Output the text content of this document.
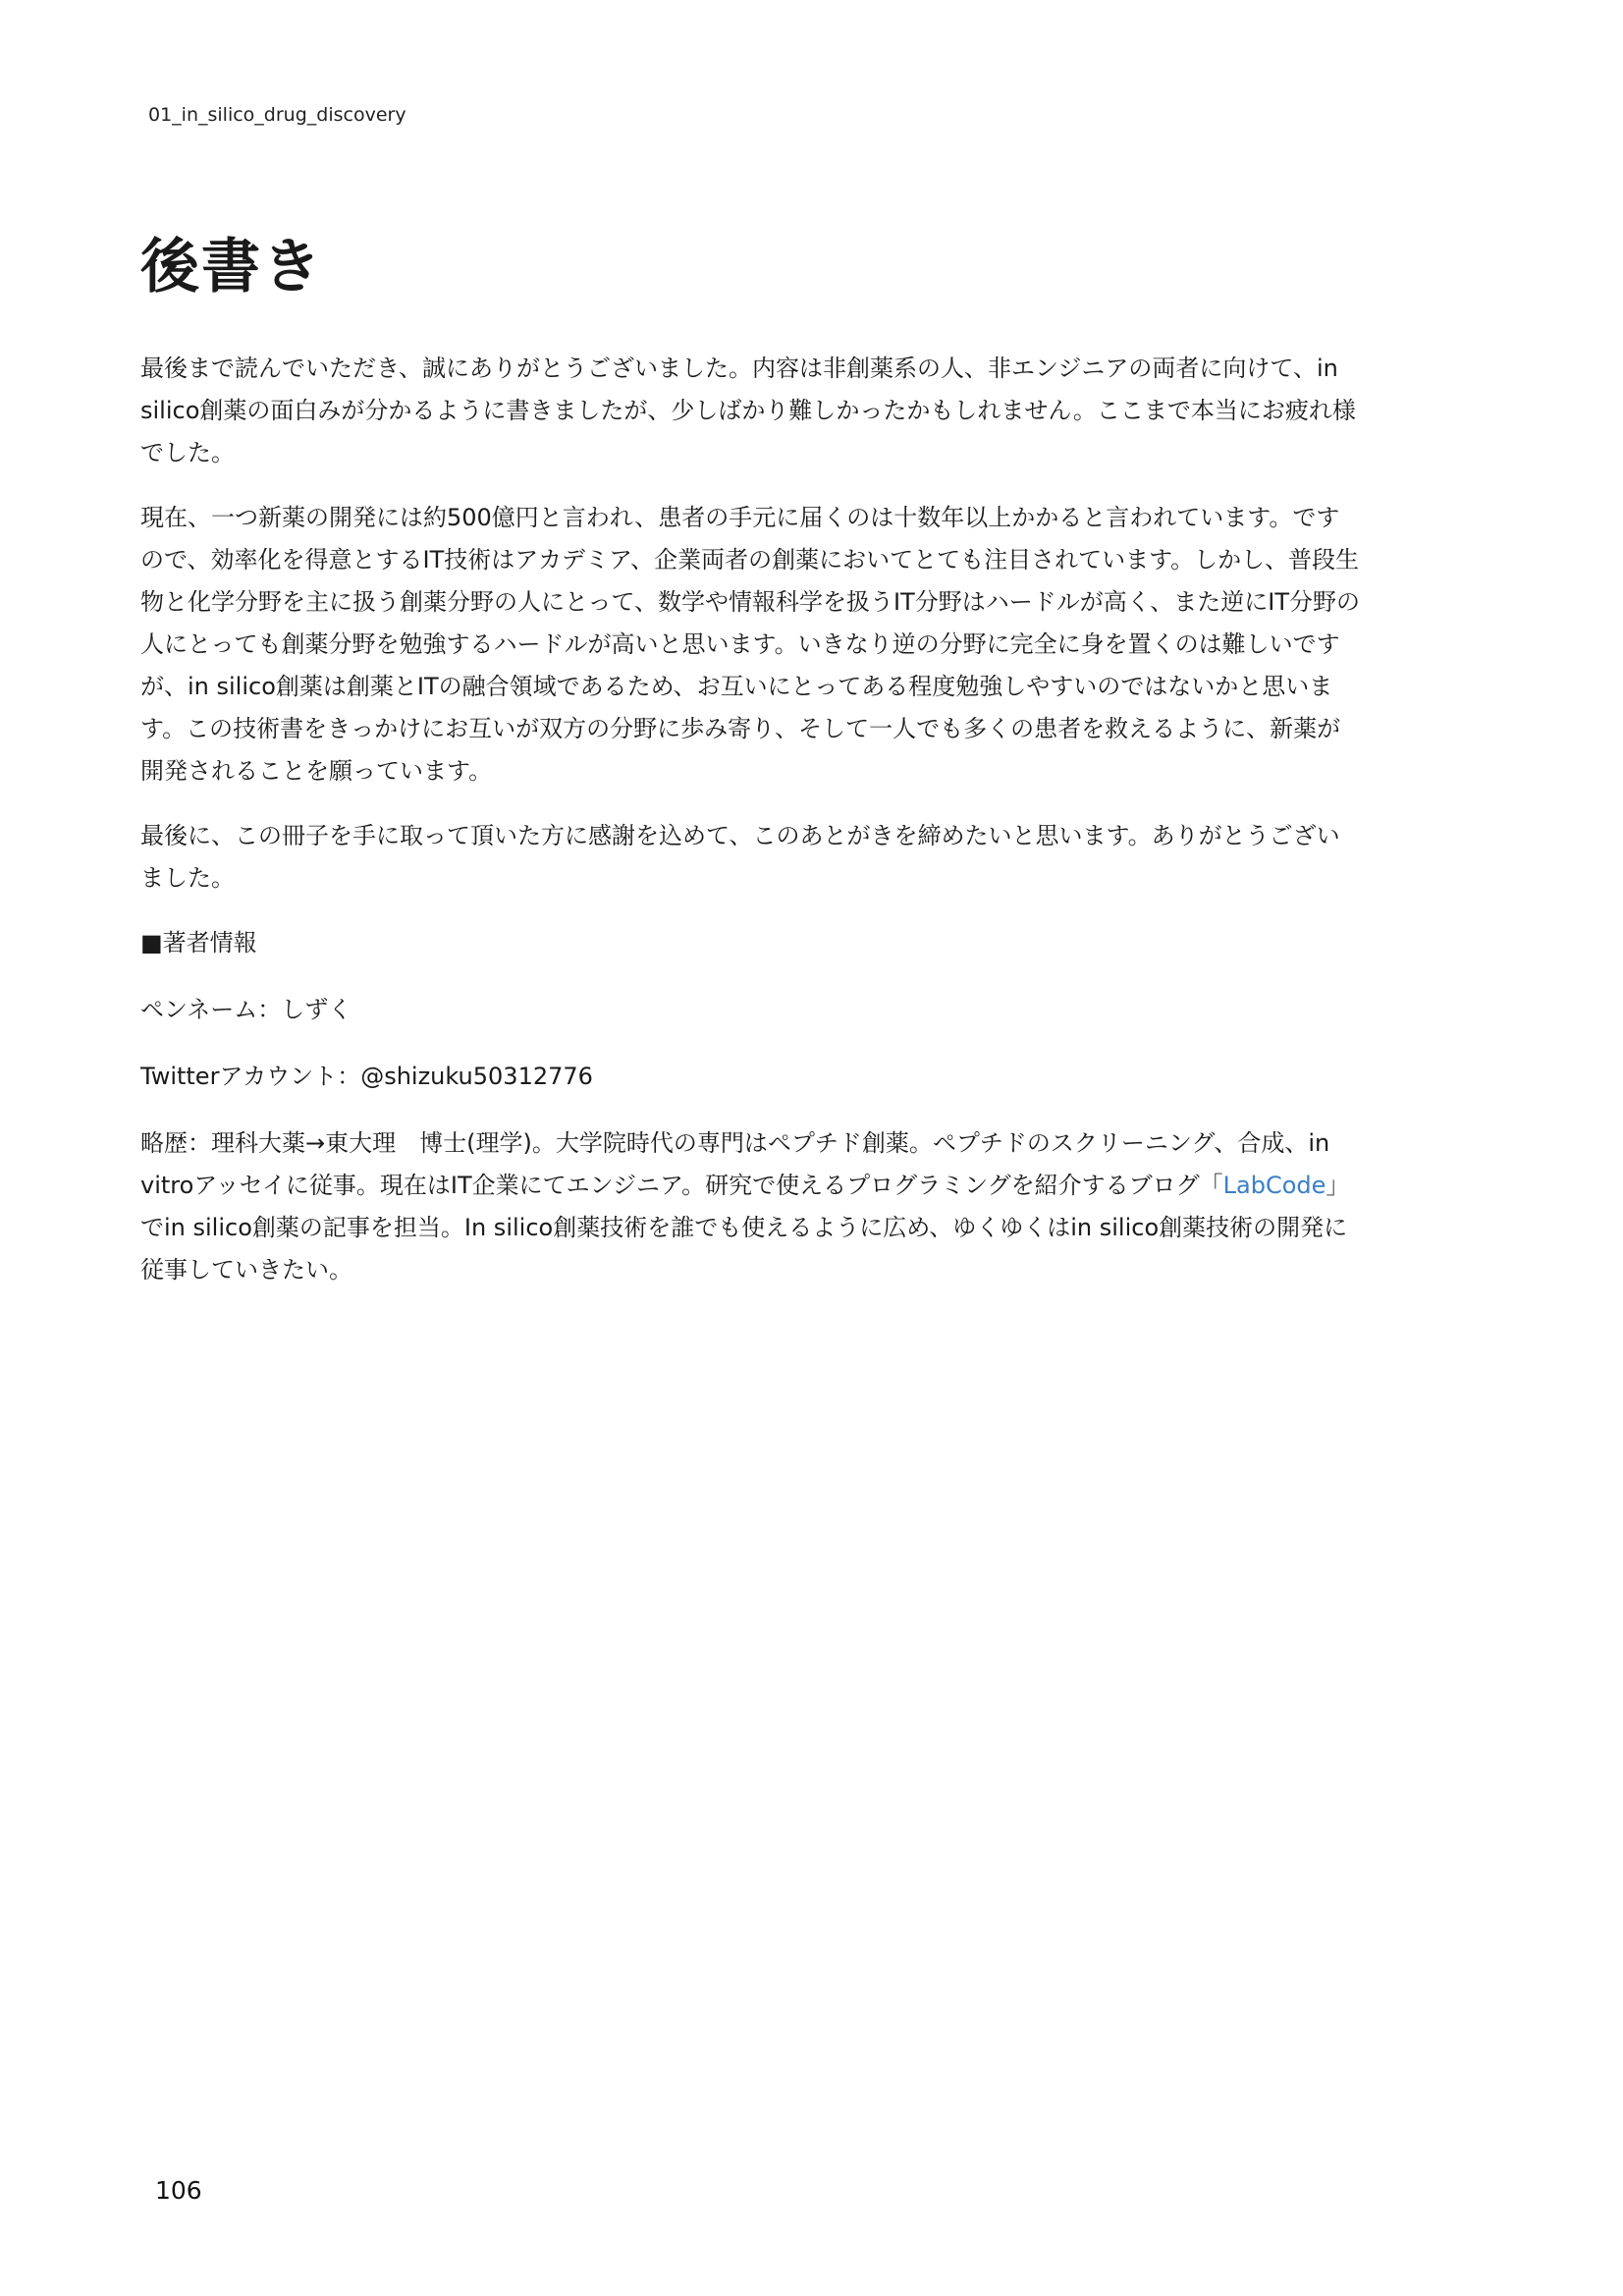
01_in_silico_drug_discovery
後書き

最後まで読んでいただき、誠にありがとうございました。内容は非創薬系の人、非エンジニアの両者に向けて、in silico創薬の面白みが分かるように書きましたが、少しばかり難しかったかもしれません。ここまで本当にお疲れ様でした。

現在、一つ新薬の開発には約500億円と言われ、患者の手元に届くのは十数年以上かかると言われています。ですので、効率化を得意とするIT技術はアカデミア、企業両者の創薬においてとても注目されています。しかし、普段生物と化学分野を主に扱う創薬分野の人にとって、数学や情報科学を扱うIT分野はハードルが高く、また逆にIT分野の人にとっても創薬分野を勉強するハードルが高いと思います。いきなり逆の分野に完全に身を置くのは難しいですが、in silico創薬は創薬とITの融合領域であるため、お互いにとってある程度勉強しやすいのではないかと思います。この技術書をきっかけにお互いが双方の分野に歩み寄り、そして一人でも多くの患者を救えるように、新薬が開発されることを願っています。

最後に、この冊子を手に取って頂いた方に感謝を込めて、このあとがきを締めたいと思います。ありがとうございました。

■著者情報

ペンネーム：しずく

Twitterアカウント：@shizuku50312776

略歴：理科大薬→東大理　博士(理学)。大学院時代の専門はペプチド創薬。ペプチドのスクリーニング、合成、in vitroアッセイに従事。現在はIT企業にてエンジニア。研究で使えるプログラミングを紹介するブログ「LabCode」でin silico創薬の記事を担当。In silico創薬技術を誰でも使えるように広め、ゆくゆくはin silico創薬技術の開発に従事していきたい。

106
